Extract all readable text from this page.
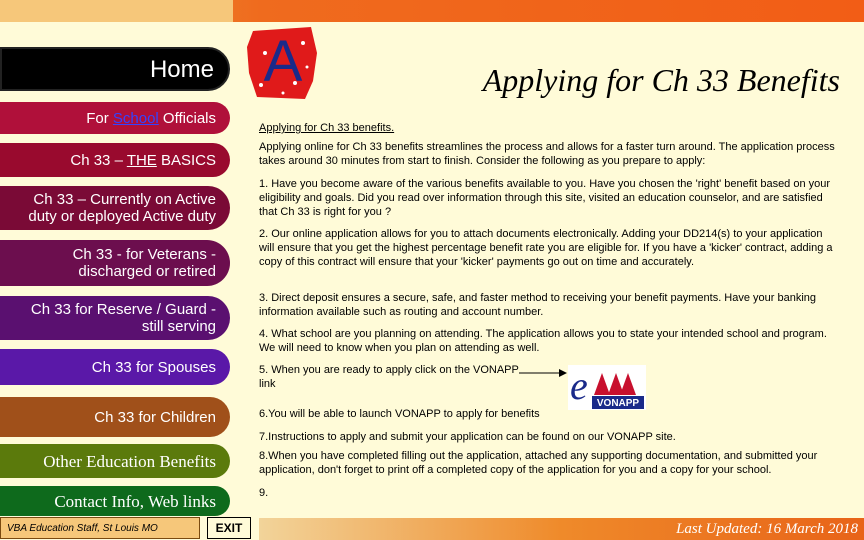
Home
For School Officials
Ch 33 – THE BASICS
Ch 33 – Currently on Active
duty or deployed Active duty
Ch 33 - for Veterans -
discharged or retired
Ch 33 for Reserve / Guard -
still serving
Ch 33 for Spouses
Ch 33 for Children
Other Education Benefits
Contact Info, Web links
A	Applying for Ch 33 Benefits
Applying for Ch 33 benefits.
Applying online for Ch 33 benefits streamlines the process and allows for a faster turn around. The application process takes around 30 minutes from start to finish. Consider the following as you prepare to apply:
1. Have you become aware of the various benefits available to you. Have you chosen the 'right' benefit based on your eligibility and goals. Did you read over information through this site, visited an education counselor, and are satisfied that Ch 33 is right for you ?
2. Our online application allows for you to attach documents electronically. Adding your DD214(s) to your application will ensure that you get the highest percentage benefit rate you are eligible for. If you have a 'kicker' contract, adding a copy of this contract will ensure that your 'kicker' payments go out on time and accurately.
3. Direct deposit ensures a secure, safe, and faster method to receiving your benefit payments. Have your banking information available such as routing and account number.
4. What school are you planning on attending. The application allows you to state your intended school and program. We will need to know when you plan on attending as well.
5. When you are ready to apply click on the VONAPP link
6.You will be able to launch VONAPP to apply for benefits
7.Instructions to apply and submit your application can be found on our VONAPP site.
8.When you have completed filling out the application, attached any supporting documentation, and submitted your application, don't forget to print off a completed copy of the application for you and a copy for your school.
9.
e VONAPP
VBA Education Staff, St Louis MO	EXIT	Last Updated: 16 March 2018
